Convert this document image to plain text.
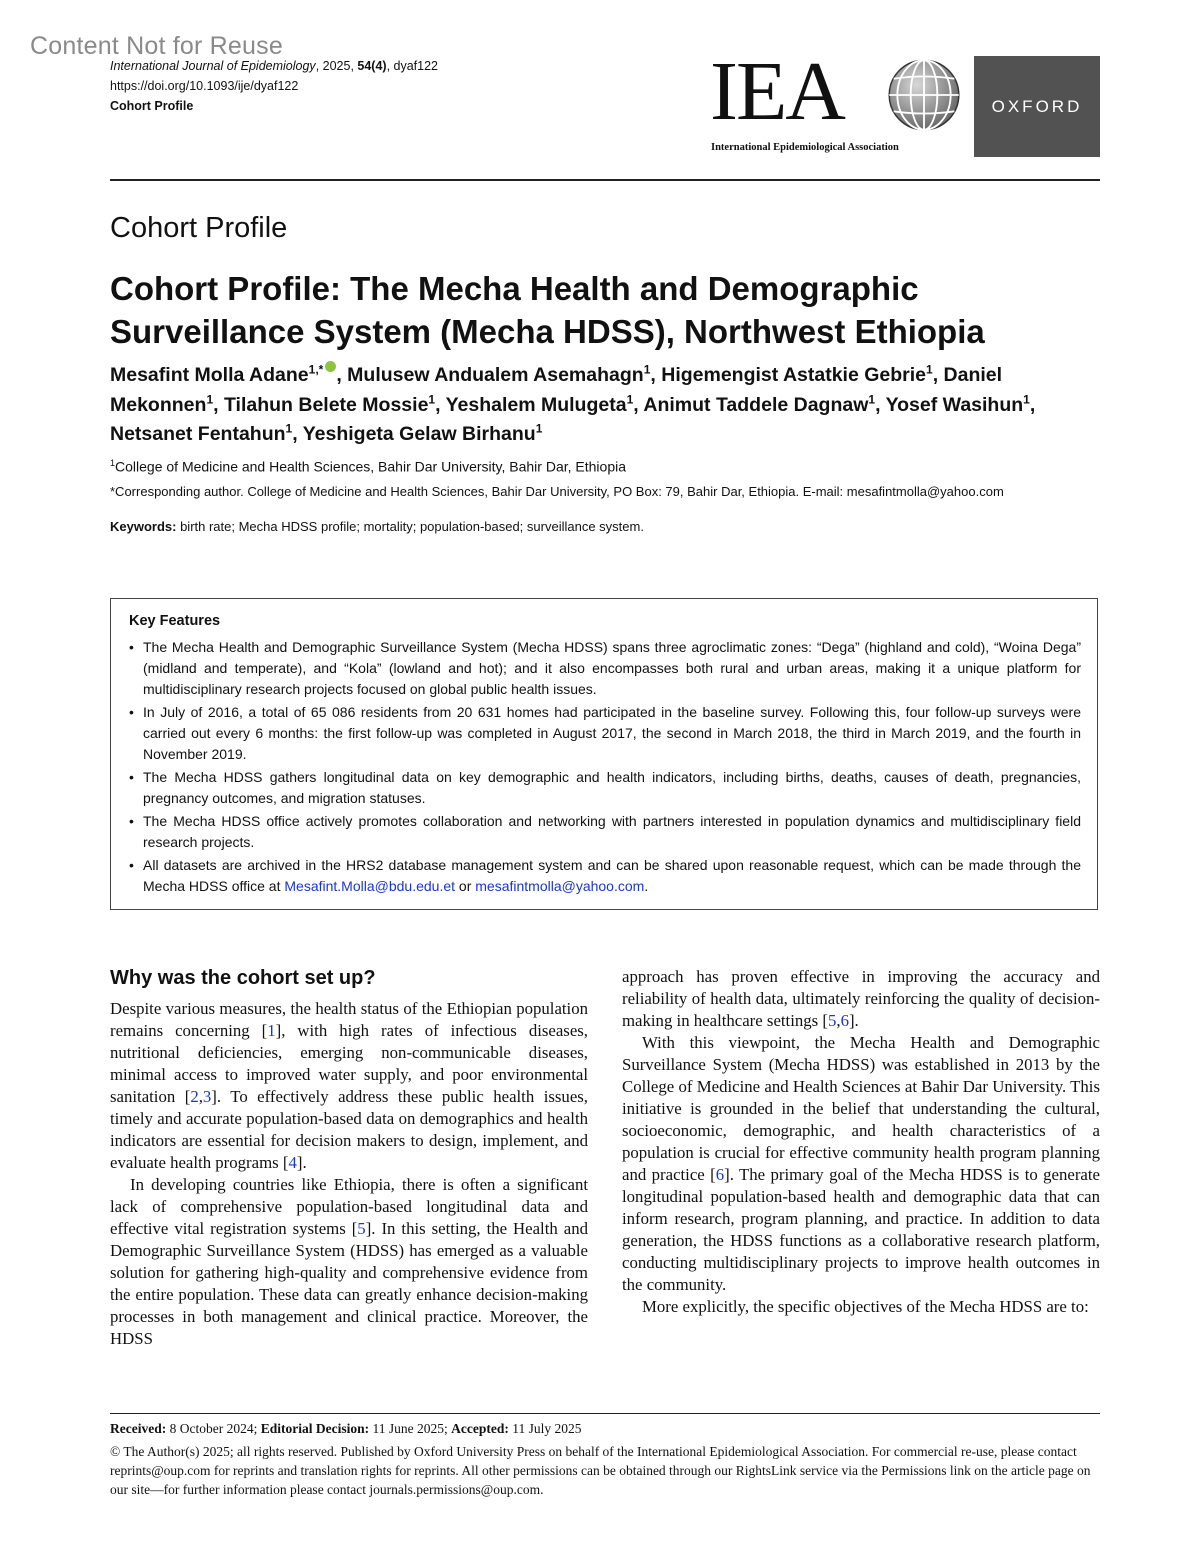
Content Not for Reuse
International Journal of Epidemiology, 2025, 54(4), dyaf122
https://doi.org/10.1093/ije/dyaf122
Cohort Profile	IEA
International Epidemiological Association
OXFORD
Cohort Profile
Cohort Profile: The Mecha Health and Demographic Surveillance System (Mecha HDSS), Northwest Ethiopia
Mesafint Molla Adane$^{1,*}$ , Mulusew Andualem Asemahagn$^1$, Higemengist Astatkie Gebrie$^1$, Daniel Mekonnen$^1$, Tilahun Belete Mossie$^1$, Yeshalem Mulugeta$^1$, Animut Taddele Dagnaw$^1$, Yosef Wasihun$^1$, Netsanet Fentahun$^1$, Yeshigeta Gelaw Birhanu$^1$
$^1$College of Medicine and Health Sciences, Bahir Dar University, Bahir Dar, Ethiopia
*Corresponding author. College of Medicine and Health Sciences, Bahir Dar University, PO Box: 79, Bahir Dar, Ethiopia. E-mail: mesafintmolla@yahoo.com
Keywords: birth rate; Mecha HDSS profile; mortality; population-based; surveillance system.
Key Features
• The Mecha Health and Demographic Surveillance System (Mecha HDSS) spans three agroclimatic zones: “Dega” (highland and cold), “Woina Dega” (midland and temperate), and “Kola” (lowland and hot); and it also encompasses both rural and urban areas, making it a unique platform for multidisciplinary research projects focused on global public health issues.
• In July of 2016, a total of 65 086 residents from 20 631 homes had participated in the baseline survey. Following this, four follow-up surveys were carried out every 6 months: the first follow-up was completed in August 2017, the second in March 2018, the third in March 2019, and the fourth in November 2019.
• The Mecha HDSS gathers longitudinal data on key demographic and health indicators, including births, deaths, causes of death, pregnancies, pregnancy outcomes, and migration statuses.
• The Mecha HDSS office actively promotes collaboration and networking with partners interested in population dynamics and multidisciplinary field research projects.
• All datasets are archived in the HRS2 database management system and can be shared upon reasonable request, which can be made through the Mecha HDSS office at Mesafint.Molla@bdu.edu.et or mesafintmolla@yahoo.com.
Why was the cohort set up?

Despite various measures, the health status of the Ethiopian population remains concerning [1], with high rates of infectious diseases, nutritional deficiencies, emerging non-communicable diseases, minimal access to improved water supply, and poor environmental sanitation [2,3]. To effectively address these public health issues, timely and accurate population-based data on demographics and health indicators are essential for decision makers to design, implement, and evaluate health programs [4].

In developing countries like Ethiopia, there is often a significant lack of comprehensive population-based longitudinal data and effective vital registration systems [5]. In this setting, the Health and Demographic Surveillance System (HDSS) has emerged as a valuable solution for gathering high-quality and comprehensive evidence from the entire population. These data can greatly enhance decision-making processes in both management and clinical practice. Moreover, the HDSS

approach has proven effective in improving the accuracy and reliability of health data, ultimately reinforcing the quality of decision-making in healthcare settings [5,6].

With this viewpoint, the Mecha Health and Demographic Surveillance System (Mecha HDSS) was established in 2013 by the College of Medicine and Health Sciences at Bahir Dar University. This initiative is grounded in the belief that understanding the cultural, socioeconomic, demographic, and health characteristics of a population is crucial for effective community health program planning and practice [6]. The primary goal of the Mecha HDSS is to generate longitudinal population-based health and demographic data that can inform research, program planning, and practice. In addition to data generation, the HDSS functions as a collaborative research platform, conducting multidisciplinary projects to improve health outcomes in the community.

More explicitly, the specific objectives of the Mecha HDSS are to:

Received: 8 October 2024; Editorial Decision: 11 June 2025; Accepted: 11 July 2025
© The Author(s) 2025; all rights reserved. Published by Oxford University Press on behalf of the International Epidemiological Association. For commercial re-use, please contact reprints@oup.com for reprints and translation rights for reprints. All other permissions can be obtained through our RightsLink service via the Permissions link on the article page on our site—for further information please contact journals.permissions@oup.com.
